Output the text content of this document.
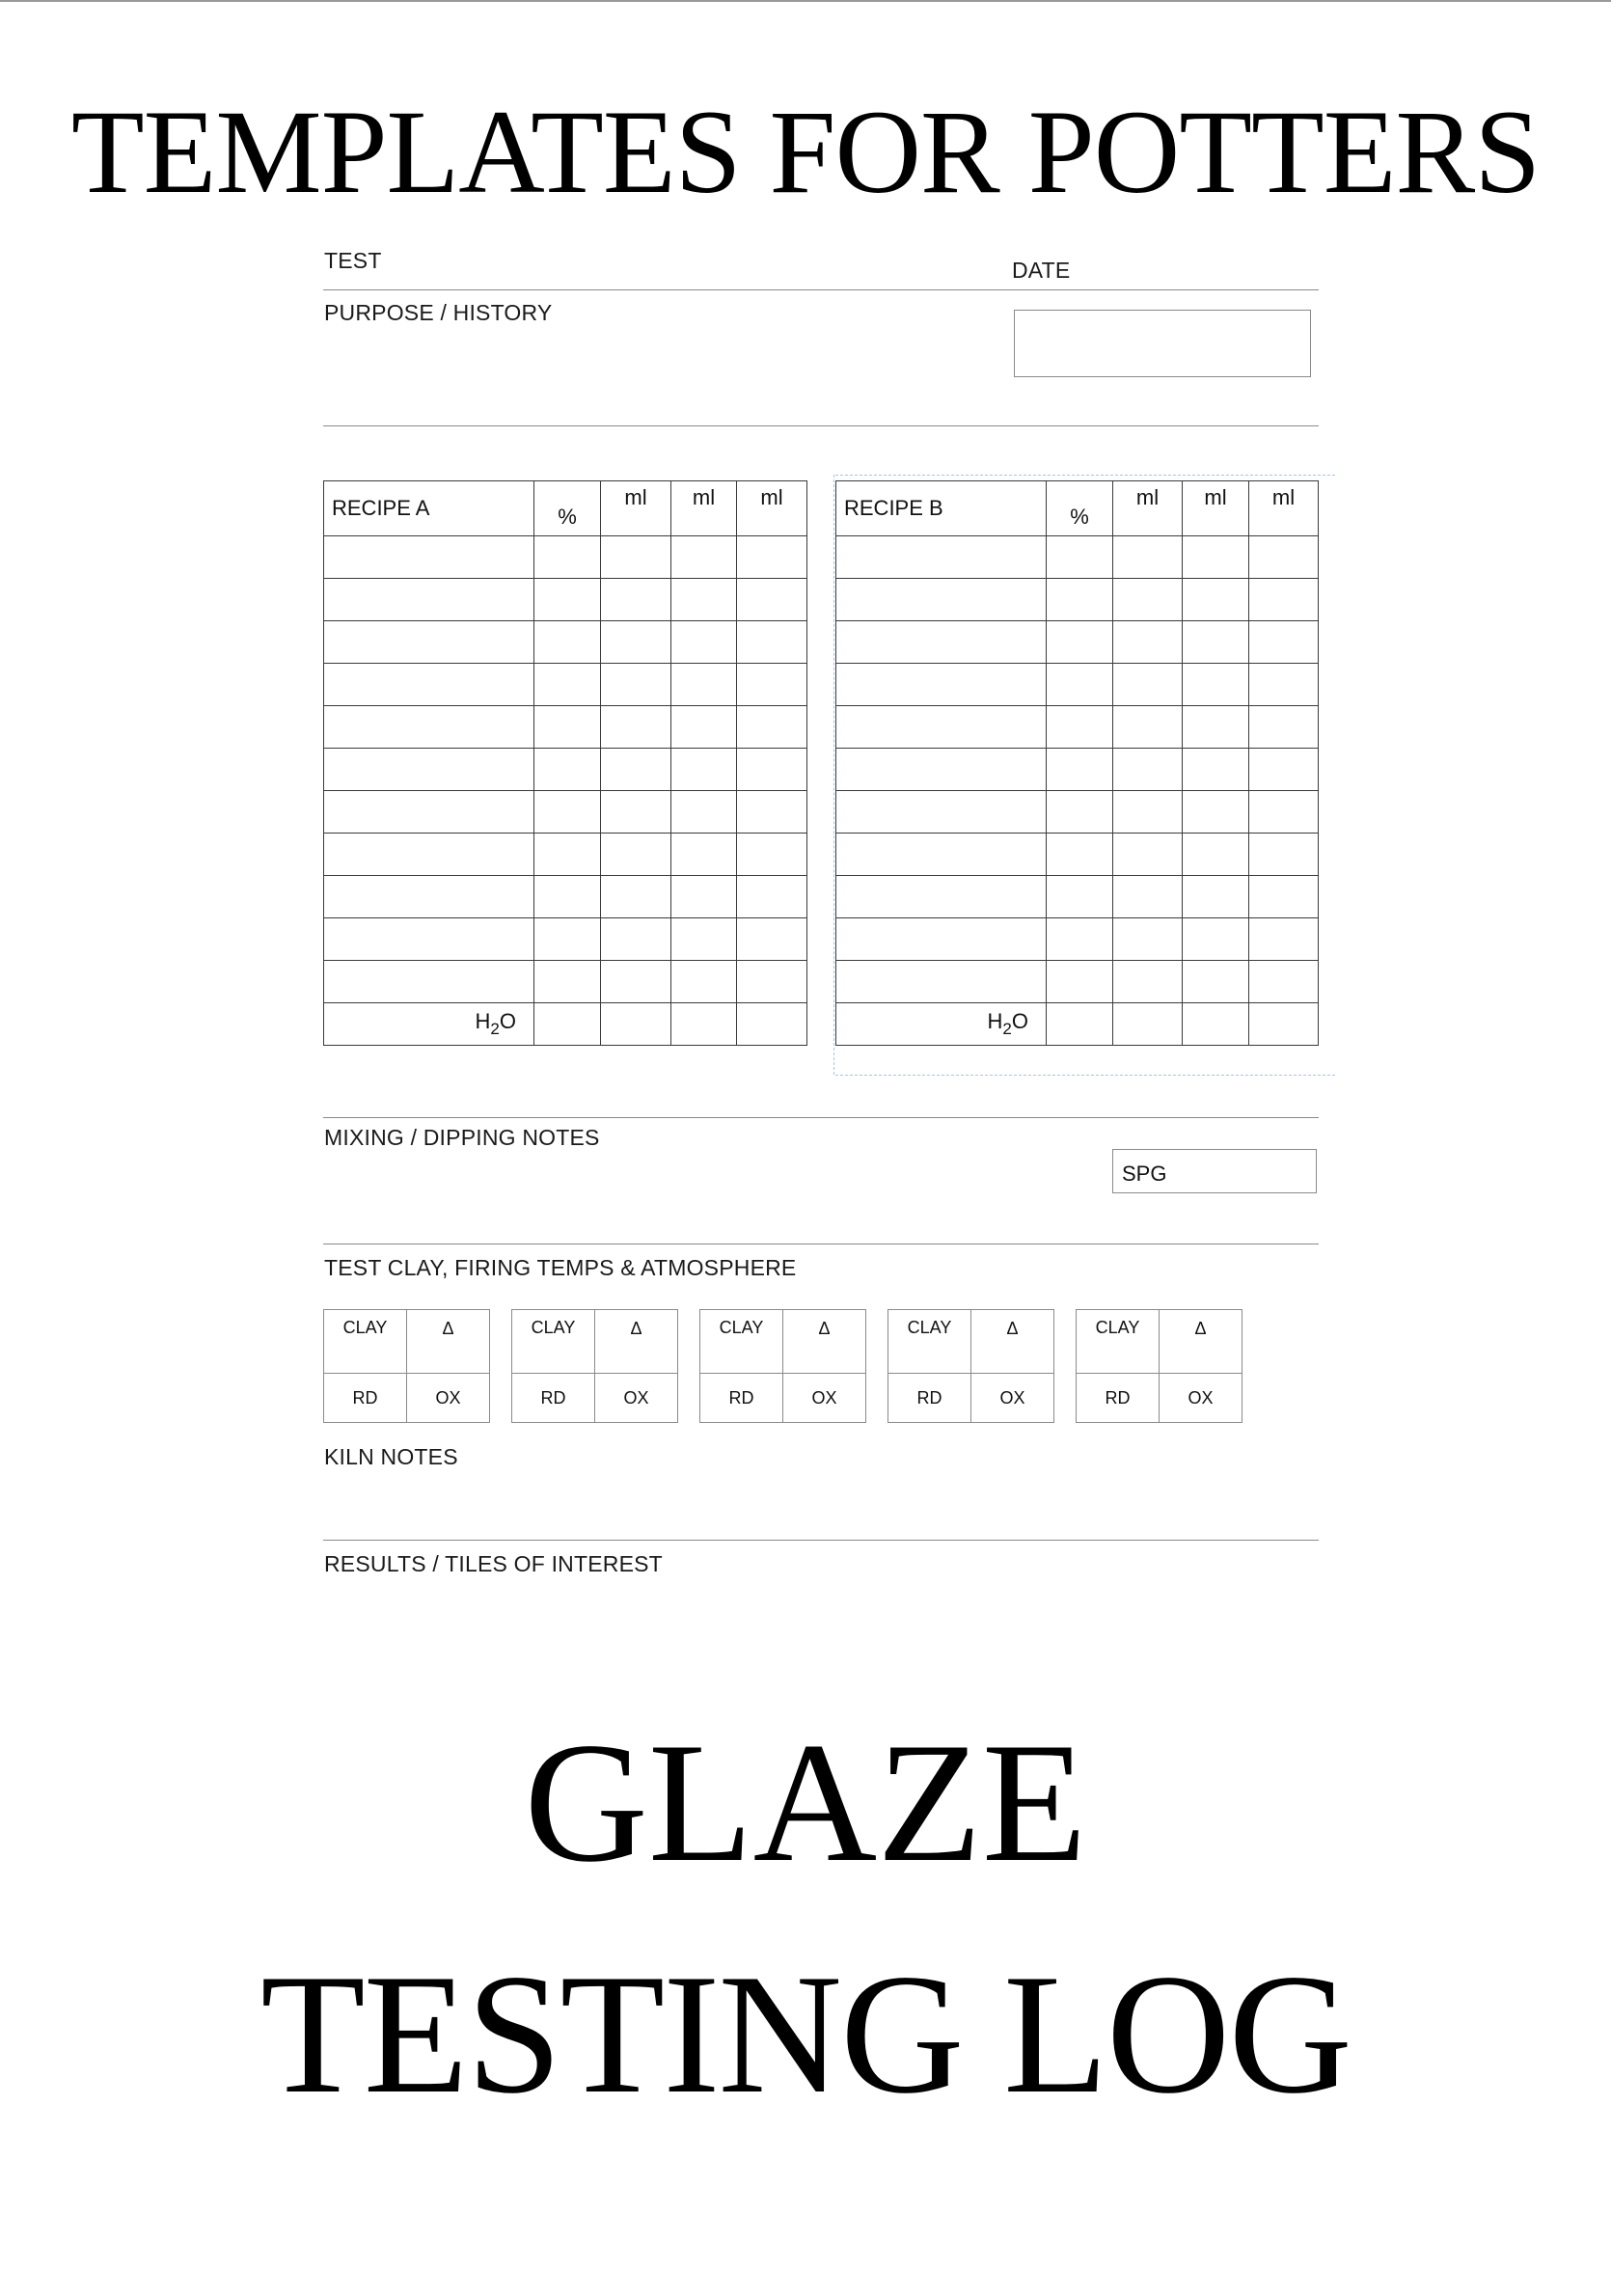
TEMPLATES FOR POTTERS
TEST	DATE
PURPOSE / HISTORY
RECIPE A	%	ml	ml	ml

$H_2O$				
RECIPE B	%	ml	ml	ml

$H_2O$				
MIXING / DIPPING NOTES
SPG
TEST CLAY, FIRING TEMPS & ATMOSPHERE
CLAY	Δ
RD	OX
CLAY	Δ
RD	OX
CLAY	Δ
RD	OX
CLAY	Δ
RD	OX
CLAY	Δ
RD	OX
KILN NOTES
RESULTS / TILES OF INTEREST
GLAZE
TESTING LOG
